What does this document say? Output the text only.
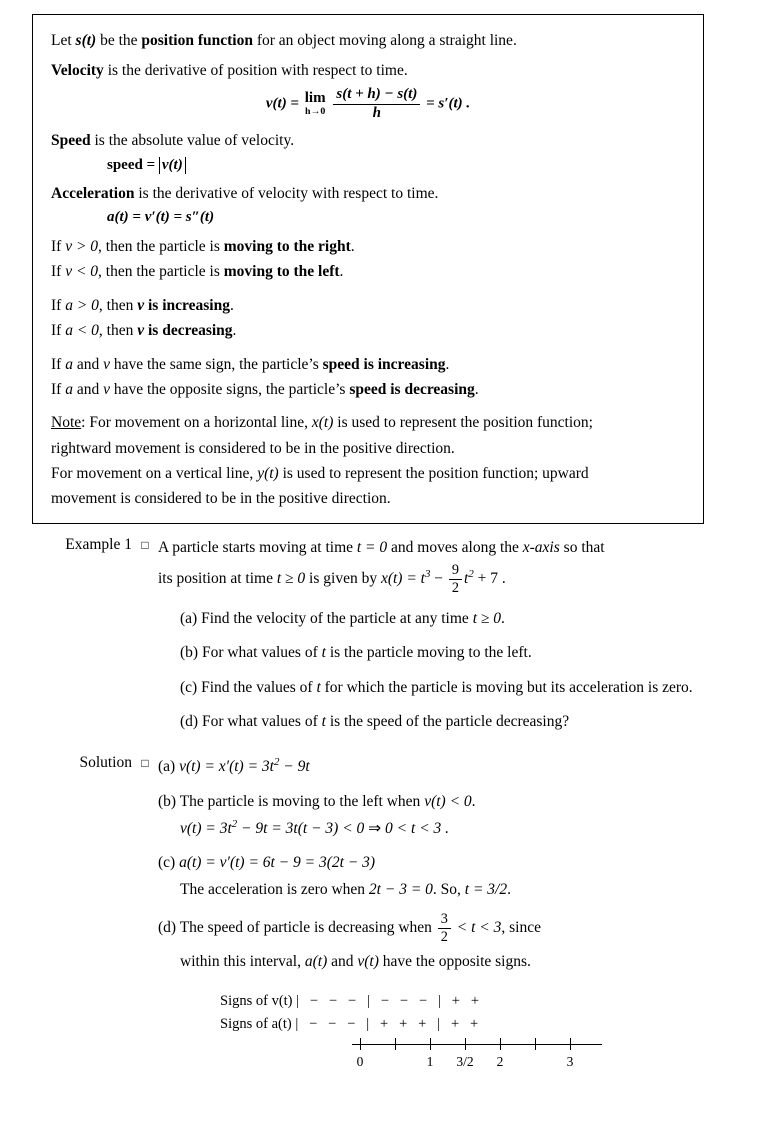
Let s(t) be the position function for an object moving along a straight line.

Velocity is the derivative of position with respect to time.

v(t) = lim
h→0
$\frac{s(t + h) - s(t)}{h} = s'(t)$ .

Speed is the absolute value of velocity.

speed = v(t)

Acceleration is the derivative of velocity with respect to time.

a(t) = v′(t) = s″(t)

If v > 0, then the particle is moving to the right.

If v < 0, then the particle is moving to the left.

If a > 0, then v is increasing.

If a < 0, then v is decreasing.

If a and v have the same sign, the particle’s speed is increasing.

If a and v have the opposite signs, the particle’s speed is decreasing.

Note: For movement on a horizontal line, x(t) is used to represent the position function;

rightward movement is considered to be in the positive direction.

For movement on a vertical line, y(t) is used to represent the position function; upward

movement is considered to be in the positive direction.

Example 1 □ A particle starts moving at time t = 0 and moves along the x-axis so that

its position at time t ≥ 0 is given by $x(t) = t^3 - \frac{9}{2} t^2 + 7$ .

(a) Find the velocity of the particle at any time t ≥ 0.

(b) For what values of t is the particle moving to the left.

(c) Find the values of t for which the particle is moving but its acceleration is zero.

(d) For what values of t is the speed of the particle decreasing?

Solution □ (a) $v(t) = x'(t) = 3t^2 - 9t$

(b) The particle is moving to the left when v(t) < 0.

$v(t) = 3t^2 - 9t = 3t(t - 3) < 0$ ⇒ 0 < t < 3 .

(c) a(t) = v′(t) = 6t − 9 = 3(2t − 3)

The acceleration is zero when 2t − 3 = 0. So, t = 3/2.

(d) The speed of particle is decreasing when $\frac{3}{2} < t < 3$, since

within this interval, a(t) and v(t) have the opposite signs.

Signs of v(t) |   −   −   −   |   −   −   −   |   +   +
Signs of a(t) |   −   −   −   |   +   +   +   |   +   +
0	1 3/2 2	3
